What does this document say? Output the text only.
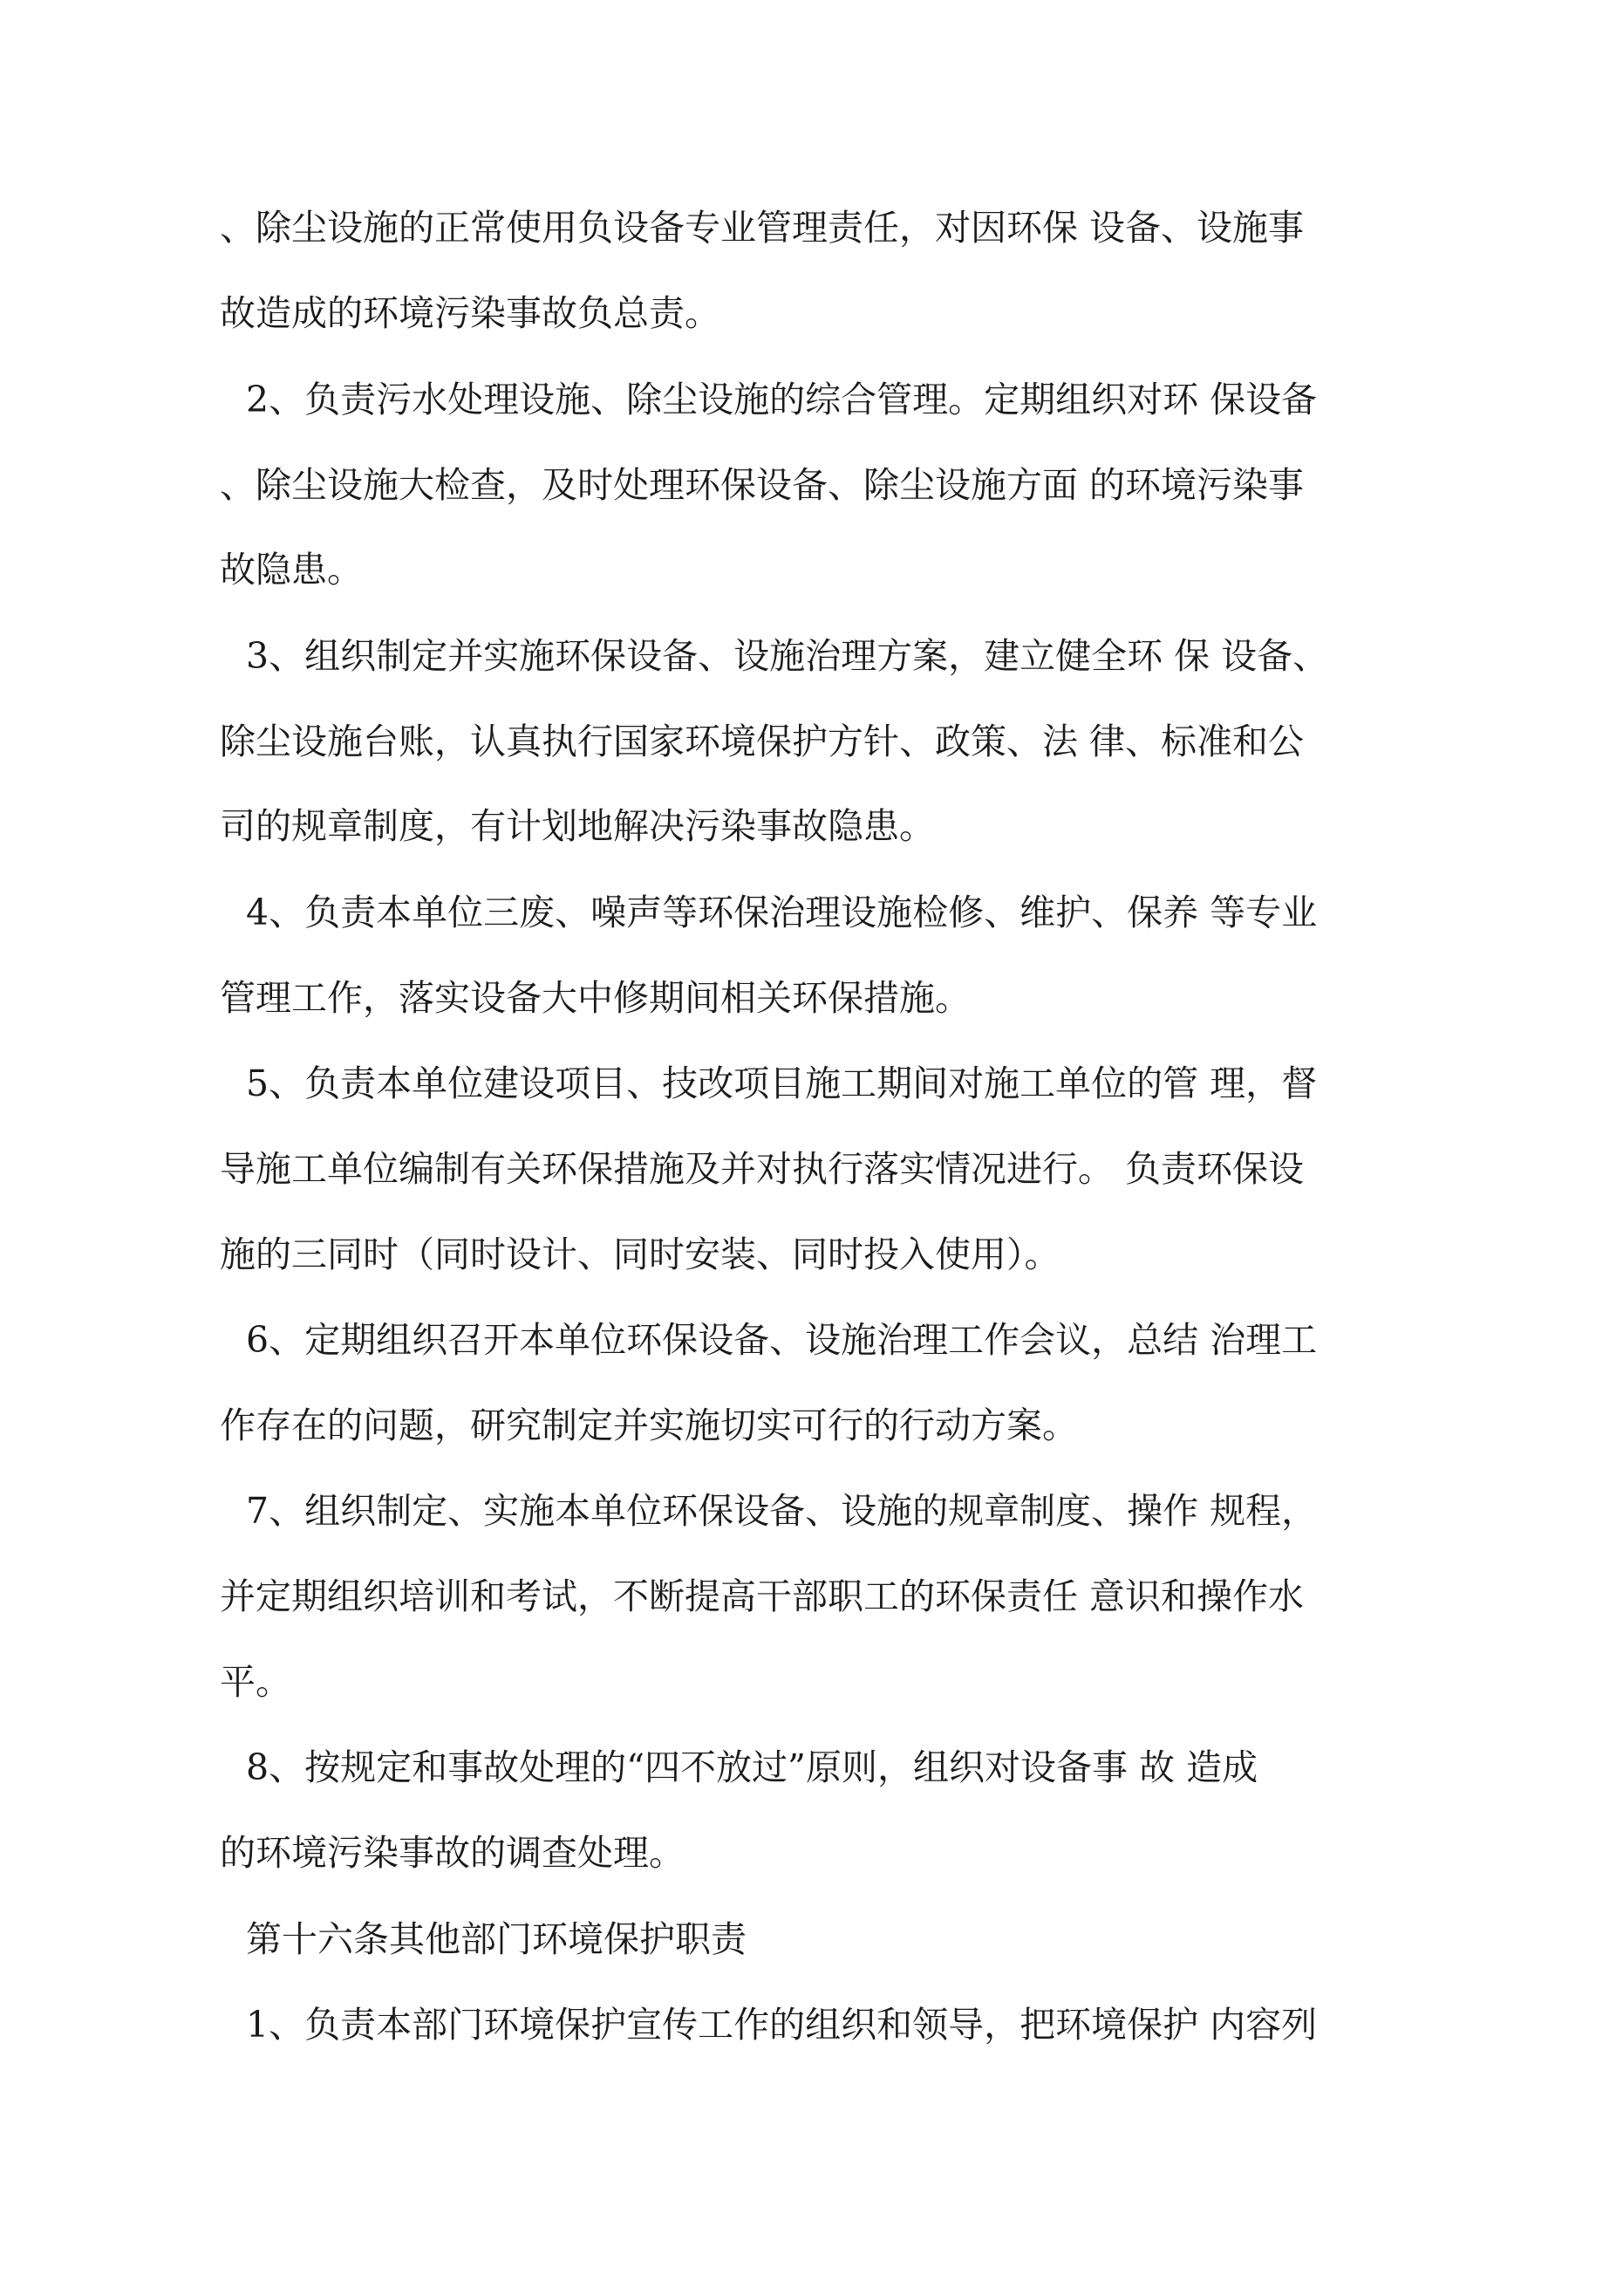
、除尘设施的正常使用负设备专业管理责任，对因环保 设备、设施事
故造成的环境污染事故负总责。
2、负责污水处理设施、除尘设施的综合管理。定期组织对环 保设备
、除尘设施大检查，及时处理环保设备、除尘设施方面 的环境污染事
故隐患。
3、组织制定并实施环保设备、设施治理方案，建立健全环 保 设备、
除尘设施台账，认真执行国家环境保护方针、政策、法 律、标准和公
司的规章制度，有计划地解决污染事故隐患。
4、负责本单位三废、噪声等环保治理设施检修、维护、保养 等专业
管理工作，落实设备大中修期间相关环保措施。
5、负责本单位建设项目、技改项目施工期间对施工单位的管 理，督
导施工单位编制有关环保措施及并对执行落实情况进行。 负责环保设
施的三同时（同时设计、同时安装、同时投入使用）。
6、定期组织召开本单位环保设备、设施治理工作会议，总结 治理工
作存在的问题，研究制定并实施切实可行的行动方案。
7、组织制定、实施本单位环保设备、设施的规章制度、操作 规程，
并定期组织培训和考试，不断提高干部职工的环保责任 意识和操作水
平。
8、按规定和事故处理的“四不放过”原则，组织对设备事 故 造成
的环境污染事故的调查处理。
第十六条其他部门环境保护职责
1、负责本部门环境保护宣传工作的组织和领导，把环境保护 内容列
